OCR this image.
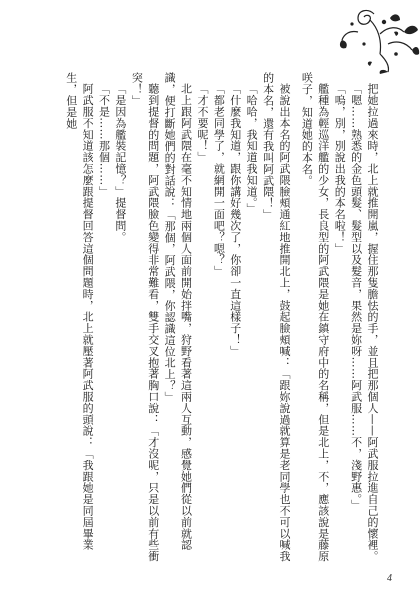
把她拉過來時，北上就推開嵐，握住那隻膽怯的手，並且把那個人——阿武服拉進自己的懷裡。

「嗯……熟悉的金色頭髮、髮型以及髮音，果然是妳呀……阿武服……不，淺野惠。」

「嗚，別，別說出我的本名啦！」

艦種為輕巡洋艦的少女，長良型的阿武隈是她在鎮守府中的名稱，但是北上，不，應該說是藤原咲子，知道她的本名。

被說出本名的阿武隈臉頰通紅地推開北上，鼓起臉頰喊：「跟妳說過就算是老同學也不可以喊我的本名，還有我叫阿武隈！」

「哈哈，我知道我知道。」

「什麼我知道，跟你講好幾次了，你卻一直這樣子！」

「都老同學了，就網開一面吧？嗯？」

「才不要呢！」

北上跟阿武隈在毫不知情地兩個人面前開始拌嘴，狩野看著這兩人互動，感覺她們從以前就認識，便打斷她們的對話說：「那個，阿武隈，你認識這位北上？」

聽到提督的問題，阿武隈臉色變得非常難看，雙手交叉抱著胸口說：「才沒呢，只是以前有些衝突！」

「是因為艦裝記憶？」提督問。

「不是……那個……」

阿武服不知道該怎麼跟提督回答這個問題時，北上就壓著阿武服的頭說：「我跟她是同屆畢業生，但是她

4
